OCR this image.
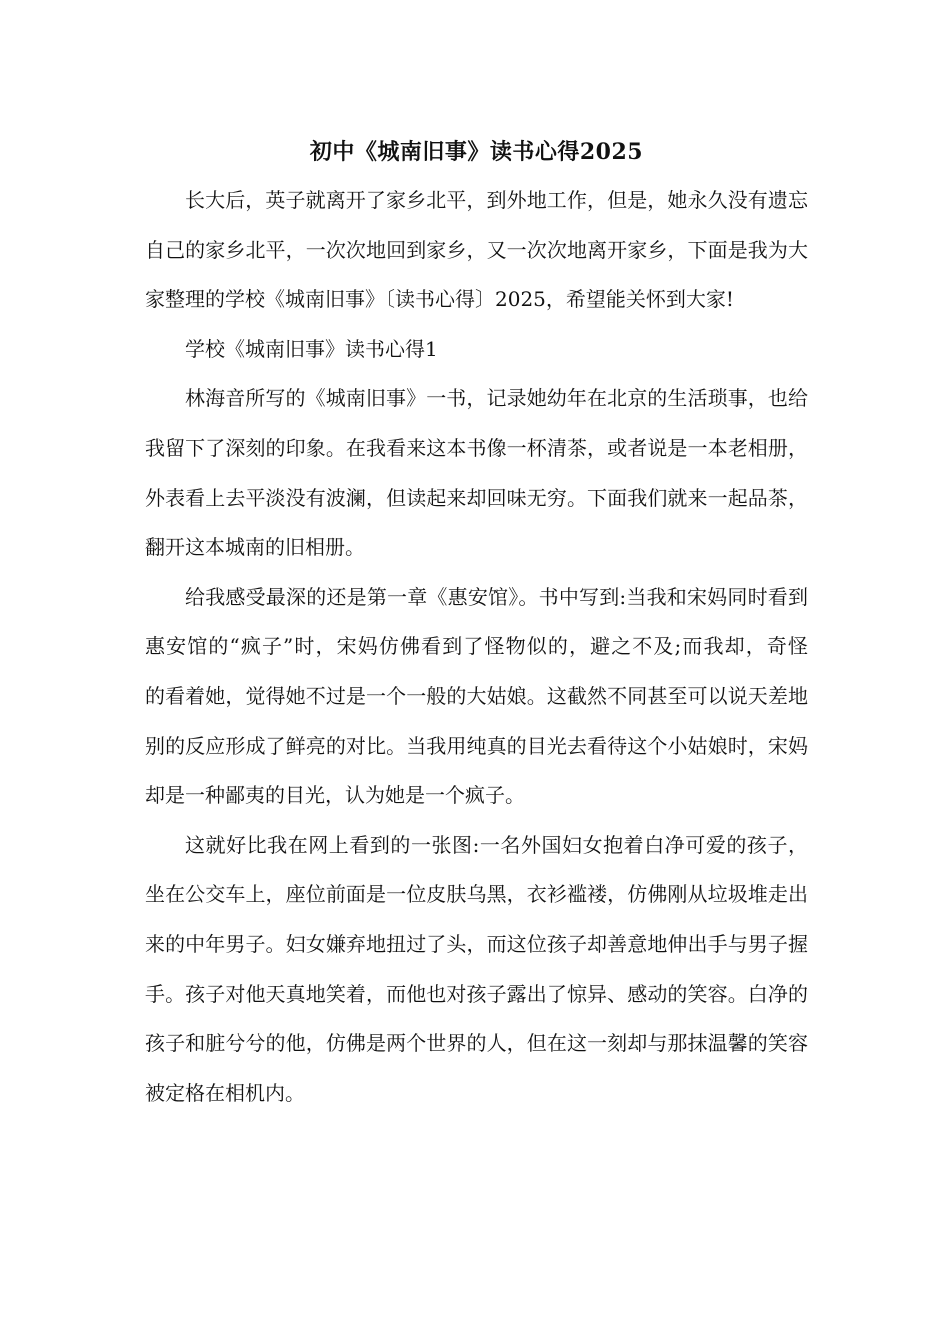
初中《城南旧事》读书心得2025

长大后，英子就离开了家乡北平，到外地工作，但是，她永久没有遗忘自己的家乡北平，一次次地回到家乡，又一次次地离开家乡，下面是我为大家整理的学校《城南旧事》〔读书心得〕2025，希望能关怀到大家!

学校《城南旧事》读书心得1

林海音所写的《城南旧事》一书，记录她幼年在北京的生活琐事，也给我留下了深刻的印象。在我看来这本书像一杯清茶，或者说是一本老相册，外表看上去平淡没有波澜，但读起来却回味无穷。下面我们就来一起品茶，翻开这本城南的旧相册。

给我感受最深的还是第一章《惠安馆》。书中写到:当我和宋妈同时看到惠安馆的“疯子”时，宋妈仿佛看到了怪物似的，避之不及;而我却，奇怪　　的看着她，觉得她不过是一个一般的大姑娘。这截然不同甚至可以说天差地别的反应形成了鲜亮的对比。当我用纯真的目光去看待这个小姑娘时，宋妈却是一种鄙夷的目光，认为她是一个疯子。

这就好比我在网上看到的一张图:一名外国妇女抱着白净可爱的孩子，坐在公交车上，座位前面是一位皮肤乌黑，衣衫褴褛，仿佛刚从垃圾堆走出来的中年男子。妇女嫌弃地扭过了头，而这位孩子却善意地伸出手与男子握手。孩子对他天真地笑着，而他也对孩子露出了惊异、感动的笑容。白净的孩子和脏兮兮的他，仿佛是两个世界的人，但在这一刻却与那抹温馨的笑容被定格在相机内。
